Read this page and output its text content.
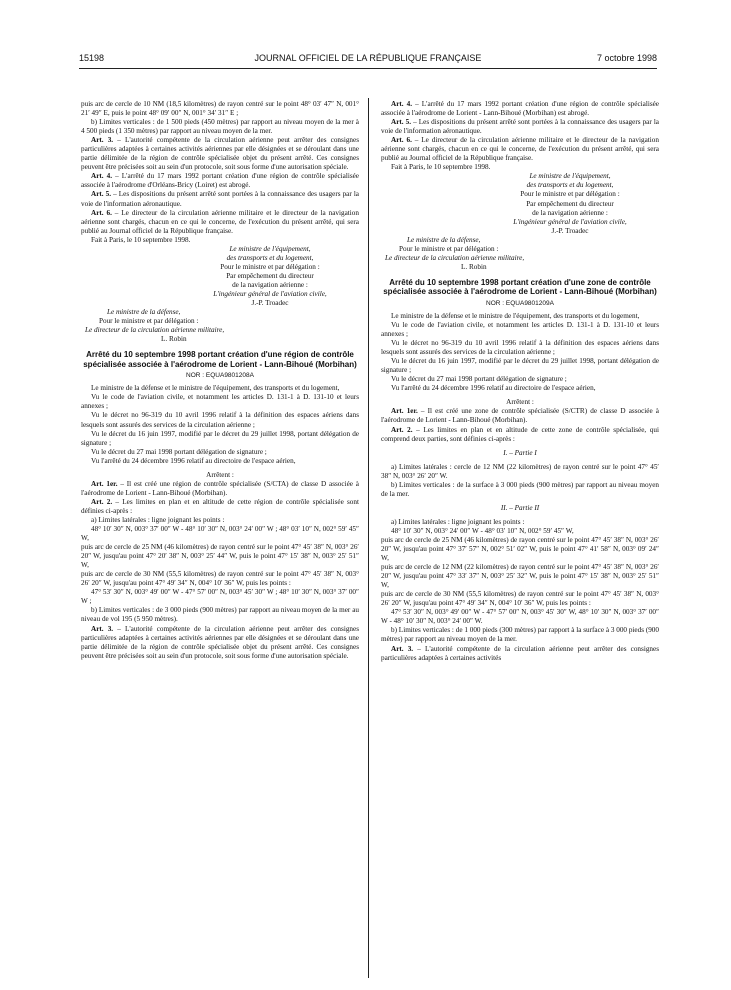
15198	JOURNAL OFFICIEL DE LA RÉPUBLIQUE FRANÇAISE	7 octobre 1998

puis arc de cercle de 10 NM (18,5 kilomètres) de rayon centré sur le point 48° 03′ 47″ N, 001° 21′ 49″ E, puis le point 48° 09′ 00″ N, 001° 34′ 31″ E ;

b) Limites verticales : de 1 500 pieds (450 mètres) par rapport au niveau moyen de la mer à 4 500 pieds (1 350 mètres) par rapport au niveau moyen de la mer.

Art. 3. – L'autorité compétente de la circulation aérienne peut arrêter des consignes particulières adaptées à certaines activités aériennes par elle désignées et se déroulant dans une partie délimitée de la région de contrôle spécialisée objet du présent arrêté. Ces consignes peuvent être précisées soit au sein d'un protocole, soit sous forme d'une autorisation spéciale.

Art. 4. – L'arrêté du 17 mars 1992 portant création d'une région de contrôle spécialisée associée à l'aérodrome d'Orléans-Bricy (Loiret) est abrogé.

Art. 5. – Les dispositions du présent arrêté sont portées à la connaissance des usagers par la voie de l'information aéronautique.

Art. 6. – Le directeur de la circulation aérienne militaire et le directeur de la navigation aérienne sont chargés, chacun en ce qui le concerne, de l'exécution du présent arrêté, qui sera publié au Journal officiel de la République française.

Fait à Paris, le 10 septembre 1998.

Le ministre de l'équipement,

des transports et du logement,

Pour le ministre et par délégation :

Par empêchement du directeur

de la navigation aérienne :

L'ingénieur général de l'aviation civile,

J.-P. Troadec

Le ministre de la défense,

Pour le ministre et par délégation :

Le directeur de la circulation aérienne militaire,

L. Robin

Arrêté du 10 septembre 1998 portant création d'une région de contrôle spécialisée associée à l'aérodrome de Lorient - Lann-Bihoué (Morbihan)

NOR : EQUA9801208A

Le ministre de la défense et le ministre de l'équipement, des transports et du logement,

Vu le code de l'aviation civile, et notamment les articles D. 131-1 à D. 131-10 et leurs annexes ;

Vu le décret no 96-319 du 10 avril 1996 relatif à la définition des espaces aériens dans lesquels sont assurés des services de la circulation aérienne ;

Vu le décret du 16 juin 1997, modifié par le décret du 29 juillet 1998, portant délégation de signature ;

Vu le décret du 27 mai 1998 portant délégation de signature ;

Vu l'arrêté du 24 décembre 1996 relatif au directoire de l'espace aérien,

Arrêtent :

Art. 1er. – Il est créé une région de contrôle spécialisée (S/CTA) de classe D associée à l'aérodrome de Lorient - Lann-Bihoué (Morbihan).

Art. 2. – Les limites en plan et en altitude de cette région de contrôle spécialisée sont définies ci-après :

a) Limites latérales : ligne joignant les points :

48° 10′ 30″ N, 003° 37′ 00″ W - 48° 10′ 30″ N, 003° 24′ 00″ W ; 48° 03′ 10″ N, 002° 59′ 45″ W,

puis arc de cercle de 25 NM (46 kilomètres) de rayon centré sur le point 47° 45′ 38″ N, 003° 26′ 20″ W, jusqu'au point 47° 20′ 38″ N, 003° 25′ 44″ W, puis le point 47° 15′ 38″ N, 003° 25′ 51″ W,

puis arc de cercle de 30 NM (55,5 kilomètres) de rayon centré sur le point 47° 45′ 38″ N, 003° 26′ 20″ W, jusqu'au point 47° 49′ 34″ N, 004° 10′ 36″ W, puis les points :

47° 53′ 30″ N, 003° 49′ 00″ W - 47° 57′ 00″ N, 003° 45′ 30″ W ; 48° 10′ 30″ N, 003° 37′ 00″ W ;

b) Limites verticales : de 3 000 pieds (900 mètres) par rapport au niveau moyen de la mer au niveau de vol 195 (5 950 mètres).

Art. 3. – L'autorité compétente de la circulation aérienne peut arrêter des consignes particulières adaptées à certaines activités aériennes par elle désignées et se déroulant dans une partie délimitée de la région de contrôle spécialisée objet du présent arrêté. Ces consignes peuvent être précisées soit au sein d'un protocole, soit sous forme d'une autorisation spéciale.

Art. 4. – L'arrêté du 17 mars 1992 portant création d'une région de contrôle spécialisée associée à l'aérodrome de Lorient - Lann-Bihoué (Morbihan) est abrogé.

Art. 5. – Les dispositions du présent arrêté sont portées à la connaissance des usagers par la voie de l'information aéronautique.

Art. 6. – Le directeur de la circulation aérienne militaire et le directeur de la navigation aérienne sont chargés, chacun en ce qui le concerne, de l'exécution du présent arrêté, qui sera publié au Journal officiel de la République française.

Fait à Paris, le 10 septembre 1998.

Le ministre de l'équipement,

des transports et du logement,

Pour le ministre et par délégation :

Par empêchement du directeur

de la navigation aérienne :

L'ingénieur général de l'aviation civile,

J.-P. Troadec

Le ministre de la défense,

Pour le ministre et par délégation :

Le directeur de la circulation aérienne militaire,

L. Robin

Arrêté du 10 septembre 1998 portant création d'une zone de contrôle spécialisée associée à l'aérodrome de Lorient - Lann-Bihoué (Morbihan)

NOR : EQUA9801209A

Le ministre de la défense et le ministre de l'équipement, des transports et du logement,

Vu le code de l'aviation civile, et notamment les articles D. 131-1 à D. 131-10 et leurs annexes ;

Vu le décret no 96-319 du 10 avril 1996 relatif à la définition des espaces aériens dans lesquels sont assurés des services de la circulation aérienne ;

Vu le décret du 16 juin 1997, modifié par le décret du 29 juillet 1998, portant délégation de signature ;

Vu le décret du 27 mai 1998 portant délégation de signature ;

Vu l'arrêté du 24 décembre 1996 relatif au directoire de l'espace aérien,

Arrêtent :

Art. 1er. – Il est créé une zone de contrôle spécialisée (S/CTR) de classe D associée à l'aérodrome de Lorient - Lann-Bihoué (Morbihan).

Art. 2. – Les limites en plan et en altitude de cette zone de contrôle spécialisée, qui comprend deux parties, sont définies ci-après :

I. – Partie I

a) Limites latérales : cercle de 12 NM (22 kilomètres) de rayon centré sur le point 47° 45′ 38″ N, 003° 26′ 20″ W.

b) Limites verticales : de la surface à 3 000 pieds (900 mètres) par rapport au niveau moyen de la mer.

II. – Partie II

a) Limites latérales : ligne joignant les points :

48° 10′ 30″ N, 003° 24′ 00″ W - 48° 03′ 10″ N, 002° 59′ 45″ W,

puis arc de cercle de 25 NM (46 kilomètres) de rayon centré sur le point 47° 45′ 38″ N, 003° 26′ 20″ W, jusqu'au point 47° 37′ 57″ N, 002° 51′ 02″ W, puis le point 47° 41′ 58″ N, 003° 09′ 24″ W,

puis arc de cercle de 12 NM (22 kilomètres) de rayon centré sur le point 47° 45′ 38″ N, 003° 26′ 20″ W, jusqu'au point 47° 33′ 37″ N, 003° 25′ 32″ W, puis le point 47° 15′ 38″ N, 003° 25′ 51″ W,

puis arc de cercle de 30 NM (55,5 kilomètres) de rayon centré sur le point 47° 45′ 38″ N, 003° 26′ 20″ W, jusqu'au point 47° 49′ 34″ N, 004° 10′ 36″ W, puis les points :

47° 53′ 30″ N, 003° 49′ 00″ W - 47° 57′ 00″ N, 003° 45′ 30″ W, 48° 10′ 30″ N, 003° 37′ 00″ W - 48° 10′ 30″ N, 003° 24′ 00″ W.

b) Limites verticales : de 1 000 pieds (300 mètres) par rapport à la surface à 3 000 pieds (900 mètres) par rapport au niveau moyen de la mer.

Art. 3. – L'autorité compétente de la circulation aérienne peut arrêter des consignes particulières adaptées à certaines activités
